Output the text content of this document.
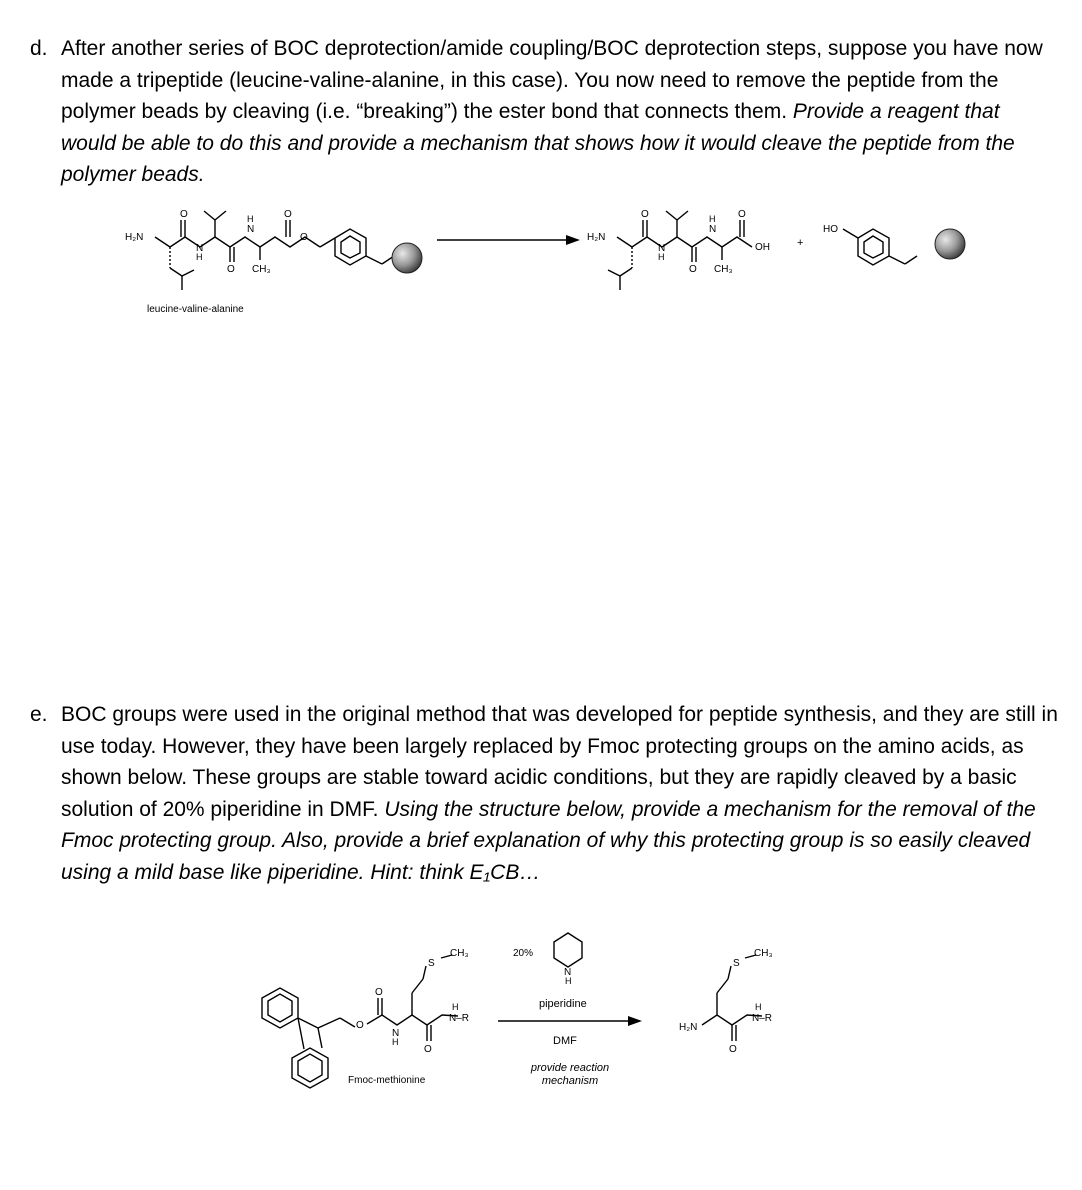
d. After another series of BOC deprotection/amide coupling/BOC deprotection steps, suppose you have now made a tripeptide (leucine-valine-alanine, in this case). You now need to remove the peptide from the polymer beads by cleaving (i.e. “breaking”) the ester bond that connects them. Provide a reagent that would be able to do this and provide a mechanism that shows how it would cleave the peptide from the polymer beads.
e. BOC groups were used in the original method that was developed for peptide synthesis, and they are still in use today. However, they have been largely replaced by Fmoc protecting groups on the amino acids, as shown below. These groups are stable toward acidic conditions, but they are rapidly cleaved by a basic solution of 20% piperidine in DMF. Using the structure below, provide a mechanism for the removal of the Fmoc protecting group. Also, provide a brief explanation of why this protecting group is so easily cleaved using a mild base like piperidine. Hint: think E₁CB…
H₂N
N
H
N
H
O
O
O
O
CH₃
leucine-valine-alanine
H₂N
N
H
N
H
O
O
O
OH
CH₃
+
HO
O
O
N
H
O
S
CH₃
H
N–R
Fmoc-methionine
20%
N
H
piperidine
DMF
provide reaction
mechanism
H₂N
O
S
CH₃
H
N–R
